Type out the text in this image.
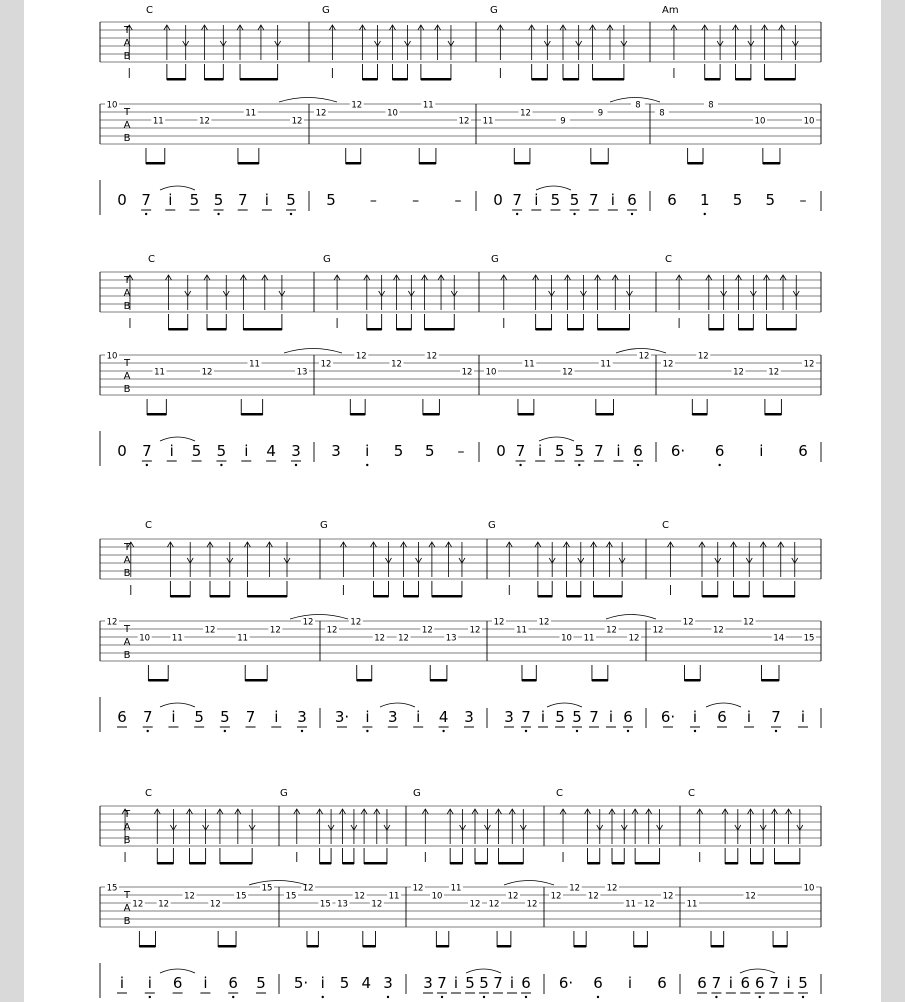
C	G	G	Am
T
A
B
T
A
B
10
11	12
11
12
12
12
10
11
12 11
12
9
9
8
8
8
10	10
0 7 i 5 5 7 i 5 5 –	–	– 0 7 i 5 5 7 i 6 6 1 5 5 –
C	G	G	C
T
A
B
T
A
B
10
11	12
11
13
12
12
12
12
12 10
11
12
11
12
12
12
12	12
12
0 7 i 5 5 i 4 3 3 i 5 5 – 0 7 i 5 5 7 i 6 6· 6 i 6
C	G	G	C
T
A
B
T
A
B
12
10	11
12
11
12
12
12
12
12 12
12
13
12
12
11
12
10 11
12
12
12
12
12
12
14 15
6 7 i 5 5 7 i 3 3· i 3 i 4 3 3 7 i 5 5 7 i 6 6· i 6 i 7 i
C	G	G	C	C
T
A
B
T
A
B
15
12 12
12
12
15
15
15
12
15 13
12
12
11
12
10
11
12 12
12
12
12
12
12
12
11 12
12
11
12
10
i i 6 i 6 5 5· i 5 4 3 3 7 i 5 5 7 i 6 6· 6 i 6 6 7 i 6 6 7 i 5
